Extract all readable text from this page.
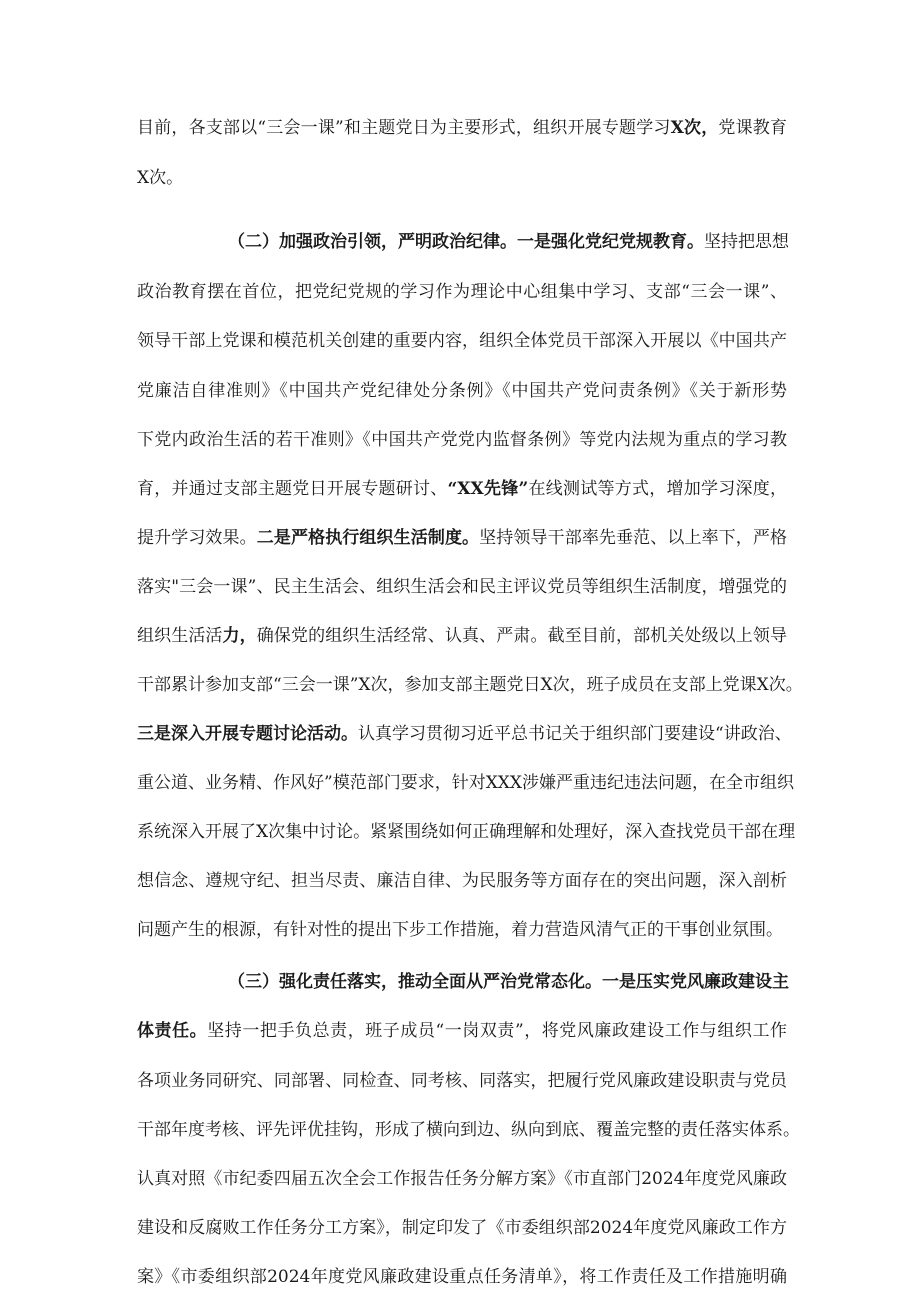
目前，各支部以“三会一课”和主题党日为主要形式，组织开展专题学习X次，党课教育
X次。
（二）加强政治引领，严明政治纪律。一是强化党纪党规教育。坚持把思想
政治教育摆在首位，把党纪党规的学习作为理论中心组集中学习、支部“三会一课”、
领导干部上党课和模范机关创建的重要内容，组织全体党员干部深入开展以《中国共产
党廉洁自律准则》《中国共产党纪律处分条例》《中国共产党问责条例》《关于新形势
下党内政治生活的若干准则》《中国共产党党内监督条例》等党内法规为重点的学习教
育，并通过支部主题党日开展专题研讨、“XX先锋”在线测试等方式，增加学习深度，
提升学习效果。二是严格执行组织生活制度。坚持领导干部率先垂范、以上率下，严格
落实"三会一课”、民主生活会、组织生活会和民主评议党员等组织生活制度，增强党的
组织生活活力，确保党的组织生活经常、认真、严肃。截至目前，部机关处级以上领导
干部累计参加支部“三会一课”X次，参加支部主题党日X次，班子成员在支部上党课X次。
三是深入开展专题讨论活动。认真学习贯彻习近平总书记关于组织部门要建设“讲政治、
重公道、业务精、作风好”模范部门要求，针对XXX涉嫌严重违纪违法问题，在全市组织
系统深入开展了X次集中讨论。紧紧围绕如何正确理解和处理好，深入查找党员干部在理
想信念、遵规守纪、担当尽责、廉洁自律、为民服务等方面存在的突出问题，深入剖析
问题产生的根源，有针对性的提出下步工作措施，着力营造风清气正的干事创业氛围。
（三）强化责任落实，推动全面从严治党常态化。一是压实党风廉政建设主
体责任。坚持一把手负总责，班子成员“一岗双责”，将党风廉政建设工作与组织工作
各项业务同研究、同部署、同检查、同考核、同落实，把履行党风廉政建设职责与党员
干部年度考核、评先评优挂钩，形成了横向到边、纵向到底、覆盖完整的责任落实体系。
认真对照《市纪委四届五次全会工作报告任务分解方案》《市直部门2024年度党风廉政
建设和反腐败工作任务分工方案》，制定印发了《市委组织部2024年度党风廉政工作方
案》《市委组织部2024年度党风廉政建设重点任务清单》，将工作责任及工作措施明确
